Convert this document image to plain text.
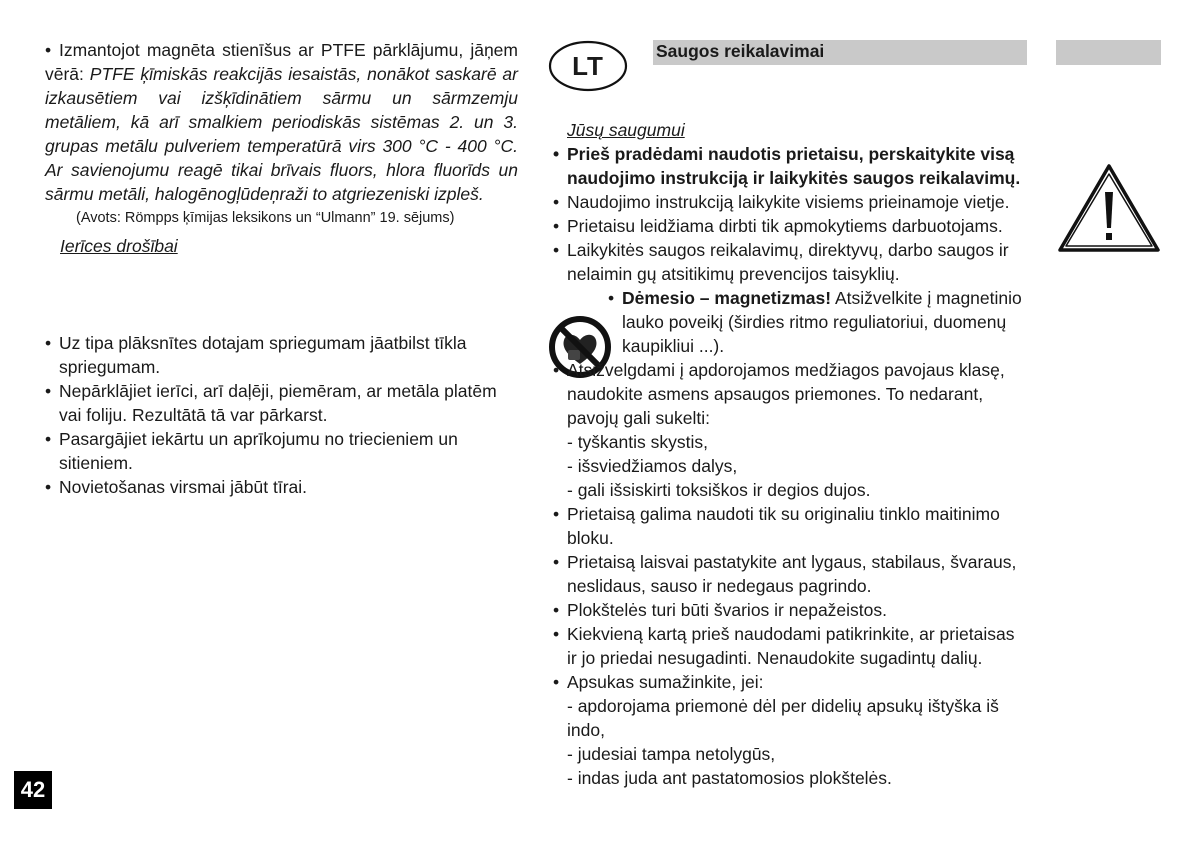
• Izmantojot magnēta stienīšus ar PTFE pārklājumu, jāņem vērā: PTFE ķīmiskās reakcijās iesaistās, nonākot saskarē ar izkausētiem vai izšķīdinātiem sārmu un sārmzemju metāliem, kā arī smalkiem periodiskās sistēmas 2. un 3. grupas metālu pulveriem temperatūrā virs 300 °C - 400 °C. Ar savienojumu reagē tikai brīvais fluors, hlora fluorīds un sārmu metāli, halogēnogļūdeņraži to atgriezeniski izpleš.
(Avots: Römpps ķīmijas leksikons un “Ulmann” 19. sējums)
Ierīces drošībai
• Uz tipa plāksnītes dotajam spriegumam jāatbilst tīkla spriegumam.
• Nepārklājiet ierīci, arī daļēji, piemēram, ar metāla platēm vai foliju. Rezultātā tā var pārkarst.
• Pasargājiet iekārtu un aprīkojumu no triecieniem un sitieniem.
• Novietošanas virsmai jābūt tīrai.
LT	Saugos reikalavimai
Jūsų saugumui
• Prieš pradėdami naudotis prietaisu, perskaitykite visą naudojimo instrukciją ir laikykitės saugos reikalavimų.
• Naudojimo instrukciją laikykite visiems prieinamoje vietje.
• Prietaisu leidžiama dirbti tik apmokytiems darbuotojams.
• Laikykitės saugos reikalavimų, direktyvų, darbo saugos ir nelaimin gų atsitikimų prevencijos taisyklių.
• Dėmesio – magnetizmas! Atsižvelkite į magnetinio lauko poveikį (širdies ritmo reguliatoriui, duomenų kaupikliui ...).
• Atsižvelgdami į apdorojamos medžiagos pavojaus klasę, naudokite asmens apsaugos priemones. To nedarant, pavojų gali sukelti:
- tyškantis skystis,
- išsviedžiamos dalys,
- gali išsiskirti toksiškos ir degios dujos.
• Prietaisą galima naudoti tik su originaliu tinklo maitinimo bloku.
• Prietaisą laisvai pastatykite ant lygaus, stabilaus, švaraus, neslidaus, sauso ir nedegaus pagrindo.
• Plokštelės turi būti švarios ir nepažeistos.
• Kiekvieną kartą prieš naudodami patikrinkite, ar prietaisas ir jo priedai nesugadinti. Nenaudokite sugadintų dalių.
• Apsukas sumažinkite, jei:
- apdorojama priemonė dėl per didelių apsukų ištyška iš indo,
- judesiai tampa netolygūs,
- indas juda ant pastatomosios plokštelės.
42
